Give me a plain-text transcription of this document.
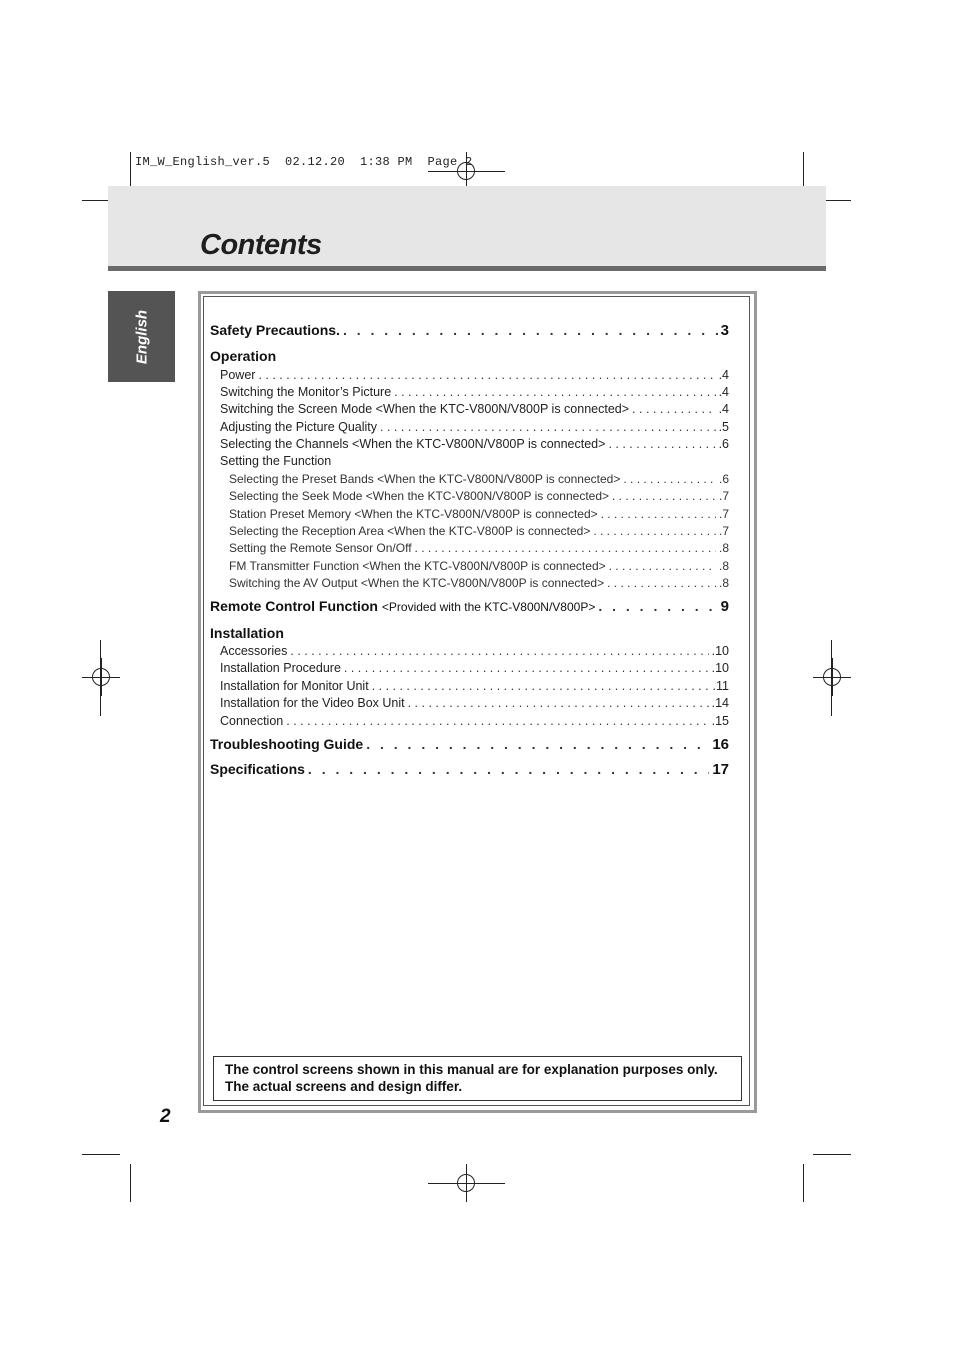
IM_W_English_ver.5  02.12.20  1:38 PM  Page 2
Contents
English	Safety Precautions. . . .	3
Operation
Power . . .	.4
Switching the Monitor’s Picture . . .	.4
Switching the Screen Mode <When the KTC-V800N/V800P is connected> . . .	.4
Adjusting the Picture Quality . . .	.5
Selecting the Channels <When the KTC-V800N/V800P is connected> . . .	.6
Setting the Function
Selecting the Preset Bands <When the KTC-V800N/V800P is connected> . . .	.6
Selecting the Seek Mode <When the KTC-V800N/V800P is connected> . . .	.7
Station Preset Memory <When the KTC-V800N/V800P is connected> . . .	.7
Selecting the Reception Area <When the KTC-V800P is connected> . . .	.7
Setting the Remote Sensor On/Off . . .	.8
FM Transmitter Function <When the KTC-V800N/V800P is connected> . . .	.8
Switching the AV Output <When the KTC-V800N/V800P is connected> . . .	.8
Remote Control Function <Provided with the KTC-V800N/V800P> . . .	9
Installation
Accessories . . .	.10
Installation Procedure . . .	.10
Installation for Monitor Unit . . .	.11
Installation for the Video Box Unit . . .	.14
Connection . . .	.15
Troubleshooting Guide . . .	16
Specifications . . .	17

The control screens shown in this manual are for explanation purposes only. The actual screens and design differ.

2
